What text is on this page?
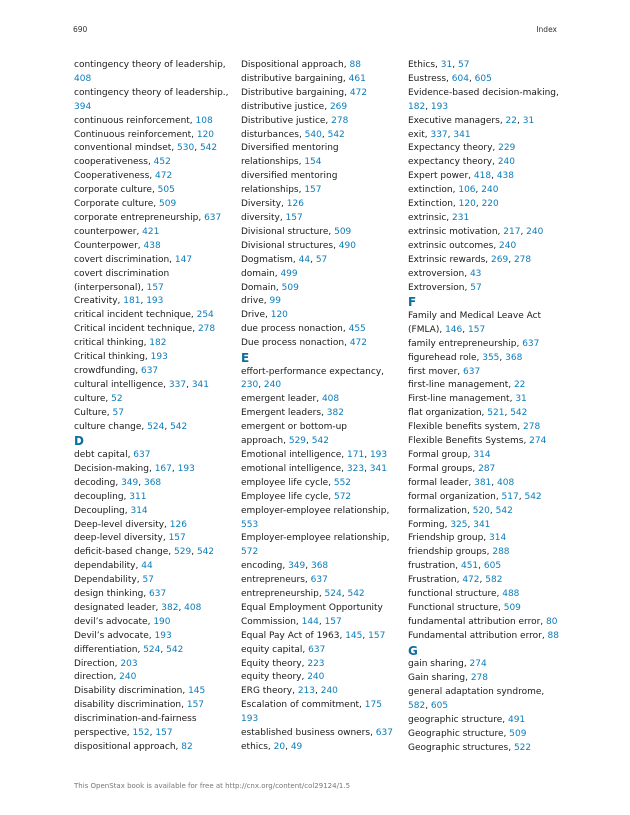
690	Index
contingency theory of leadership,
408
contingency theory of leadership.,
394
continuous reinforcement, 108
Continuous reinforcement, 120
conventional mindset, 530, 542
cooperativeness, 452
Cooperativeness, 472
corporate culture, 505
Corporate culture, 509
corporate entrepreneurship, 637
counterpower, 421
Counterpower, 438
covert discrimination, 147
covert discrimination
(interpersonal), 157
Creativity, 181, 193
critical incident technique, 254
Critical incident technique, 278
critical thinking, 182
Critical thinking, 193
crowdfunding, 637
cultural intelligence, 337, 341
culture, 52
Culture, 57
culture change, 524, 542
D
debt capital, 637
Decision-making, 167, 193
decoding, 349, 368
decoupling, 311
Decoupling, 314
Deep-level diversity, 126
deep-level diversity, 157
deficit-based change, 529, 542
dependability, 44
Dependability, 57
design thinking, 637
designated leader, 382, 408
devil’s advocate, 190
Devil’s advocate, 193
differentiation, 524, 542
Direction, 203
direction, 240
Disability discrimination, 145
disability discrimination, 157
discrimination-and-fairness
perspective, 152, 157
dispositional approach, 82
Dispositional approach, 88
distributive bargaining, 461
Distributive bargaining, 472
distributive justice, 269
Distributive justice, 278
disturbances, 540, 542
Diversified mentoring
relationships, 154
diversified mentoring
relationships, 157
Diversity, 126
diversity, 157
Divisional structure, 509
Divisional structures, 490
Dogmatism, 44, 57
domain, 499
Domain, 509
drive, 99
Drive, 120
due process nonaction, 455
Due process nonaction, 472
E
effort-performance expectancy,
230, 240
emergent leader, 408
Emergent leaders, 382
emergent or bottom-up
approach, 529, 542
Emotional intelligence, 171, 193
emotional intelligence, 323, 341
employee life cycle, 552
Employee life cycle, 572
employer-employee relationship,
553
Employer-employee relationship,
572
encoding, 349, 368
entrepreneurs, 637
entrepreneurship, 524, 542
Equal Employment Opportunity
Commission, 144, 157
Equal Pay Act of 1963, 145, 157
equity capital, 637
Equity theory, 223
equity theory, 240
ERG theory, 213, 240
Escalation of commitment, 175
193
established business owners, 637
ethics, 20, 49
Ethics, 31, 57
Eustress, 604, 605
Evidence-based decision-making,
182, 193
Executive managers, 22, 31
exit, 337, 341
Expectancy theory, 229
expectancy theory, 240
Expert power, 418, 438
extinction, 106, 240
Extinction, 120, 220
extrinsic, 231
extrinsic motivation, 217, 240
extrinsic outcomes, 240
Extrinsic rewards, 269, 278
extroversion, 43
Extroversion, 57
F
Family and Medical Leave Act
(FMLA), 146, 157
family entrepreneurship, 637
figurehead role, 355, 368
first mover, 637
first-line management, 22
First-line management, 31
flat organization, 521, 542
Flexible benefits system, 278
Flexible Benefits Systems, 274
Formal group, 314
Formal groups, 287
formal leader, 381, 408
formal organization, 517, 542
formalization, 520, 542
Forming, 325, 341
Friendship group, 314
friendship groups, 288
frustration, 451, 605
Frustration, 472, 582
functional structure, 488
Functional structure, 509
fundamental attribution error, 80
Fundamental attribution error, 88
G
gain sharing, 274
Gain sharing, 278
general adaptation syndrome,
582, 605
geographic structure, 491
Geographic structure, 509
Geographic structures, 522
This OpenStax book is available for free at http://cnx.org/content/col29124/1.5
